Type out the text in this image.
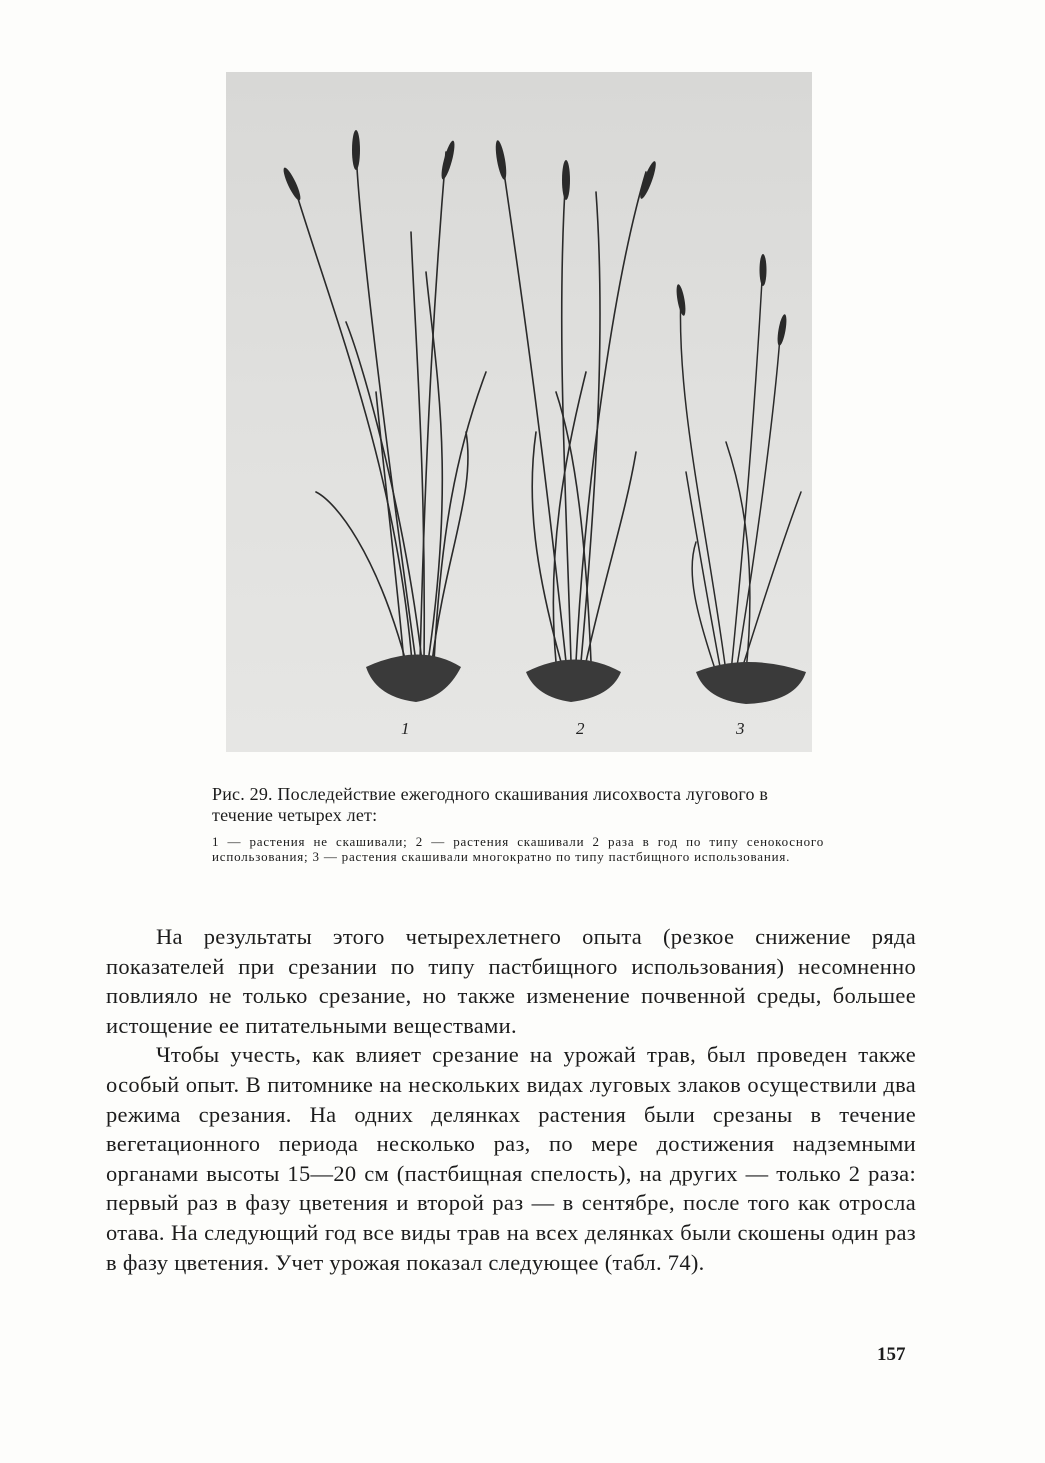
1	2	3

Рис. 29. Последействие ежегодного скашивания лисохвоста лугового в течение четырех лет:

1 — растения не скашивали; 2 — растения скашивали 2 раза в год по типу сенокосного использования; 3 — растения скашивали многократно по типу пастбищного использования.

На результаты этого четырехлетнего опыта (резкое снижение ряда показателей при срезании по типу пастбищного использования) несомненно повлияло не только срезание, но также изменение почвенной среды, большее истощение ее питательными веществами.

Чтобы учесть, как влияет срезание на урожай трав, был проведен также особый опыт. В питомнике на нескольких видах луговых злаков осуществили два режима срезания. На одних делянках растения были срезаны в течение вегетационного периода несколько раз, по мере достижения надземными органами высоты 15—20 см (пастбищная спелость), на других — только 2 раза: первый раз в фазу цветения и второй раз — в сентябре, после того как отросла отава. На следующий год все виды трав на всех делянках были скошены один раз в фазу цветения. Учет урожая показал следующее (табл. 74).

157
